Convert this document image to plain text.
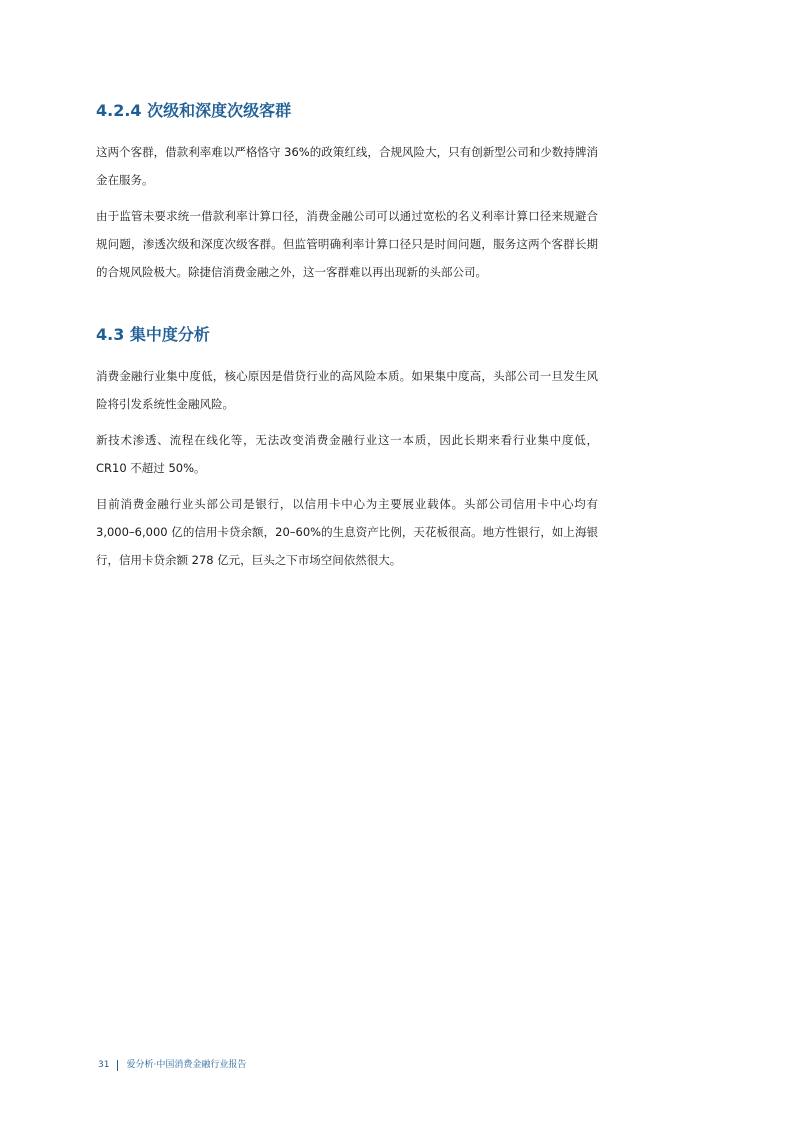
4.2.4 次级和深度次级客群

这两个客群，借款利率难以严格恪守 36%的政策红线，合规风险大，只有创新型公司和少数持牌消金在服务。

由于监管未要求统一借款利率计算口径，消费金融公司可以通过宽松的名义利率计算口径来规避合规问题，渗透次级和深度次级客群。但监管明确利率计算口径只是时间问题，服务这两个客群长期的合规风险极大。除捷信消费金融之外，这一客群难以再出现新的头部公司。

4.3 集中度分析

消费金融行业集中度低，核心原因是借贷行业的高风险本质。如果集中度高，头部公司一旦发生风险将引发系统性金融风险。

新技术渗透、流程在线化等，无法改变消费金融行业这一本质，因此长期来看行业集中度低，CR10 不超过 50%。

目前消费金融行业头部公司是银行，以信用卡中心为主要展业载体。头部公司信用卡中心均有3,000–6,000 亿的信用卡贷余额，20–60%的生息资产比例，天花板很高。地方性银行，如上海银行，信用卡贷余额 278 亿元，巨头之下市场空间依然很大。

31 爱分析·中国消费金融行业报告
